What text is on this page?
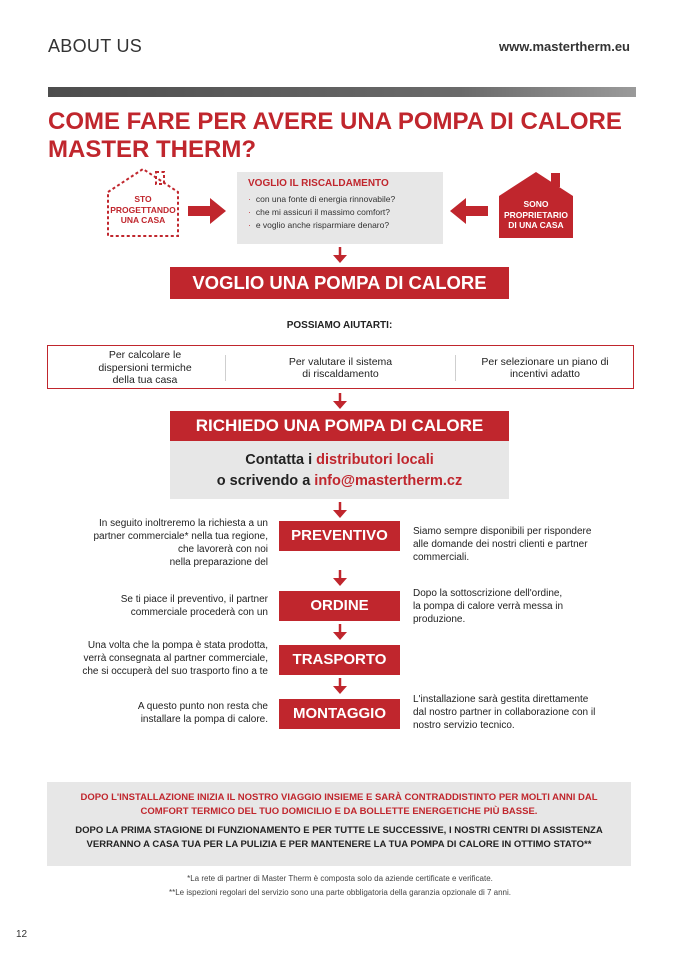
ABOUT US	www.mastertherm.eu
COME FARE PER AVERE UNA POMPA DI CALORE
MASTER THERM?
STO
PROGETTANDO
UNA CASA
VOGLIO IL RISCALDAMENTO
· con una fonte di energia rinnovabile?
· che mi assicuri il massimo comfort?
· e voglio anche risparmiare denaro?
SONO
PROPRIETARIO
DI UNA CASA
VOGLIO UNA POMPA DI CALORE
POSSIAMO AIUTARTI:
Per calcolare le
dispersioni termiche
della tua casa
Per valutare il sistema
di riscaldamento
Per selezionare un piano di
incentivi adatto
RICHIEDO UNA POMPA DI CALORE
Contatta i distributori locali
o scrivendo a info@mastertherm.cz
In seguito inoltreremo la richiesta a un
partner commerciale* nella tua regione,
che lavorerà con noi
nella preparazione del
PREVENTIVO	Siamo sempre disponibili per rispondere
alle domande dei nostri clienti e partner
commerciali.
Se ti piace il preventivo, il partner
commerciale procederà con un	ORDINE
Dopo la sottoscrizione dell'ordine,
la pompa di calore verrà messa in
produzione.
Una volta che la pompa è stata prodotta,
verrà consegnata al partner commerciale,
che si occuperà del suo trasporto fino a te
TRASPORTO
A questo punto non resta che
installare la pompa di calore.	MONTAGGIO
L'installazione sarà gestita direttamente
dal nostro partner in collaborazione con il
nostro servizio tecnico.
DOPO L'INSTALLAZIONE INIZIA IL NOSTRO VIAGGIO INSIEME E SARÀ CONTRADDISTINTO PER MOLTI ANNI DAL
COMFORT TERMICO DEL TUO DOMICILIO E DA BOLLETTE ENERGETICHE PIÙ BASSE.
DOPO LA PRIMA STAGIONE DI FUNZIONAMENTO E PER TUTTE LE SUCCESSIVE, I NOSTRI CENTRI DI ASSISTENZA
VERRANNO A CASA TUA PER LA PULIZIA E PER MANTENERE LA TUA POMPA DI CALORE IN OTTIMO STATO**
*La rete di partner di Master Therm è composta solo da aziende certificate e verificate.
**Le ispezioni regolari del servizio sono una parte obbligatoria della garanzia opzionale di 7 anni.
12
